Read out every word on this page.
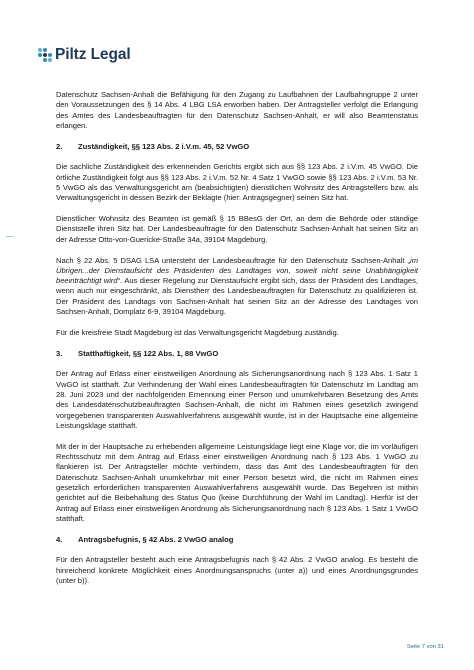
Piltz Legal

Datenschutz Sachsen-Anhalt die Befähigung für den Zugang zu Laufbahnen der Laufbahngruppe 2 unter den Voraussetzungen des § 14 Abs. 4 LBG LSA erworben haben. Der Antragsteller verfolgt die Erlangung des Amtes des Landesbeauftragten für den Datenschutz Sachsen-Anhalt, er will also Beamtenstatus erlangen.

2.	Zuständigkeit, §§ 123 Abs. 2 i.V.m. 45, 52 VwGO

Die sachliche Zuständigkeit des erkennenden Gerichts ergibt sich aus §§ 123 Abs. 2 i.V.m. 45 VwGO. Die örtliche Zuständigkeit folgt aus §§ 123 Abs. 2 i.V.m. 52 Nr. 4 Satz 1 VwGO sowie §§ 123 Abs. 2 i.V.m. 53 Nr. 5 VwGO als das Verwaltungsgericht am (beabsichtigten) dienstlichen Wohnsitz des Antragstellers bzw. als Verwaltungsgericht in dessen Bezirk der Beklagte (hier: Antragsgegner) seinen Sitz hat.

Dienstlicher Wohnsitz des Beamten ist gemäß § 15 BBesG der Ort, an dem die Behörde oder ständige Dienststelle ihren Sitz hat. Der Landesbeauftragte für den Datenschutz Sachsen-Anhalt hat seinen Sitz an der Adresse Otto-von-Guericke-Straße 34a, 39104 Magdeburg.

Nach § 22 Abs. 5 DSAG LSA untersteht der Landesbeauftragte für den Datenschutz Sachsen-Anhalt „im Übrigen...der Dienstaufsicht des Präsidenten des Landtages von, soweit nicht seine Unabhängigkeit beeinträchtigt wird“. Aus dieser Regelung zur Dienstaufsicht ergibt sich, dass der Präsident des Landtages, wenn auch nur eingeschränkt, als Dienstherr des Landesbeauftragten für Datenschutz zu qualifizieren ist. Der Präsident des Landtags von Sachsen-Anhalt hat seinen Sitz an der Adresse des Landtages von Sachsen-Anhalt, Domplatz 6-9, 39104 Magdeburg.

Für die kreisfreie Stadt Magdeburg ist das Verwaltungsgericht Magdeburg zuständig.

3.	Statthaftigkeit, §§ 122 Abs. 1, 88 VwGO

Der Antrag auf Erlass einer einstweiligen Anordnung als Sicherungsanordnung nach § 123 Abs. 1 Satz 1 VwGO ist statthaft. Zur Verhinderung der Wahl eines Landesbeauftragten für Datenschutz im Landtag am 28. Juni 2023 und der nachfolgenden Ernennung einer Person und unumkehrbaren Besetzung des Amts des Landesdatenschutzbeauftragten Sachsen-Anhalt, die nicht im Rahmen eines gesetzlich zwingend vorgegebenen transparenten Auswahlverfahrens ausgewählt wurde, ist in der Hauptsache eine allgemeine Leistungsklage statthaft.

Mit der in der Hauptsache zu erhebenden allgemeine Leistungsklage liegt eine Klage vor, die im vorläufigen Rechtsschutz mit dem Antrag auf Erlass einer einstweiligen Anordnung nach § 123 Abs. 1 VwGO zu flankieren ist. Der Antragsteller möchte verhindern, dass das Amt des Landesbeauftragten für den Datenschutz Sachsen-Anhalt unumkehrbar mit einer Person besetzt wird, die nicht im Rahmen eines gesetzlich erforderlichen transparenten Auswahlverfahrens ausgewählt wurde. Das Begehren ist mithin gerichtet auf die Beibehaltung des Status Quo (keine Durchführung der Wahl im Landtag). Hierfür ist der Antrag auf Erlass einer einstweiligen Anordnung als Sicherungsanordnung nach § 123 Abs. 1 Satz 1 VwGO statthaft.

4.	Antragsbefugnis, § 42 Abs. 2 VwGO analog

Für den Antragsteller besteht auch eine Antragsbefugnis nach § 42 Abs. 2 VwGO analog. Es besteht die hinreichend konkrete Möglichkeit eines Anordnungsanspruchs (unter a)) und eines Anordnungsgrundes (unter b)).

Seite 7 von 31
